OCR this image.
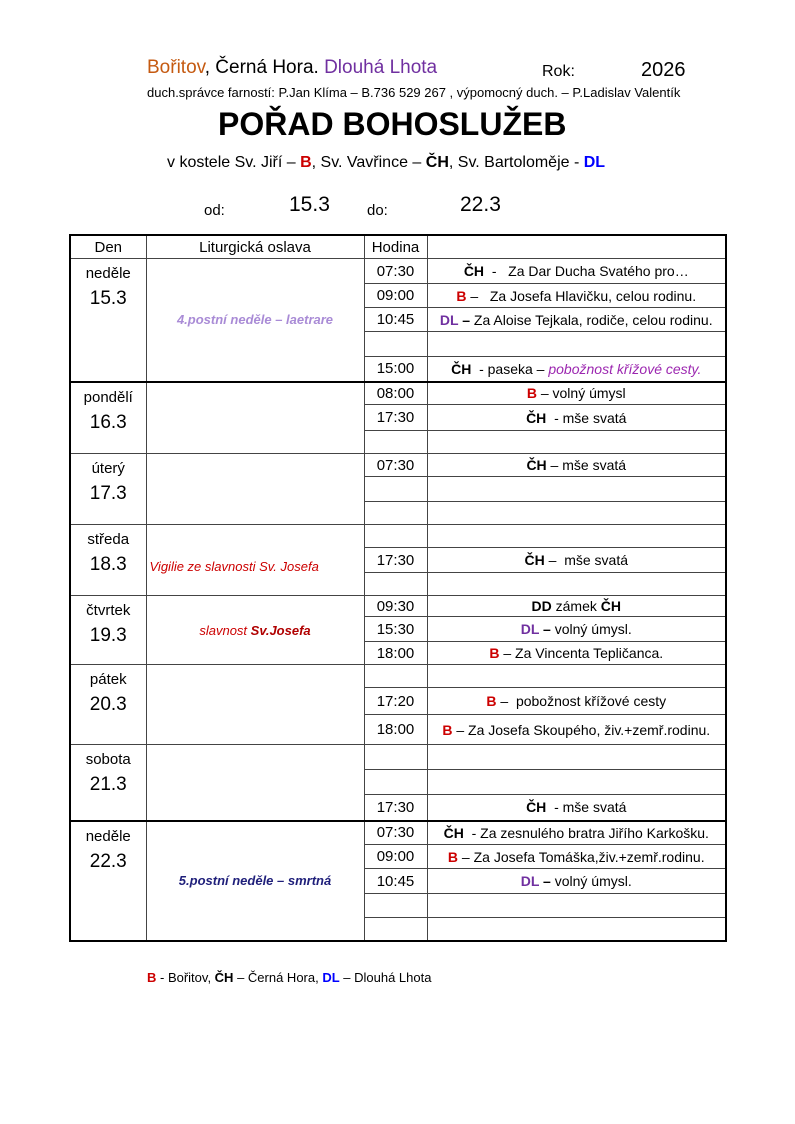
Bořitov, Černá Hora. Dlouhá Lhota	Rok:	2026
duch.správce farností: P.Jan Klíma – B.736 529 267 , výpomocný duch. – P.Ladislav Valentík
POŘAD BOHOSLUŽEB
v kostele Sv. Jiří – B, Sv. Vavřince – ČH, Sv. Bartoloměje - DL
od:	15.3 do:	22.3
Den	Liturgická oslava	Hodina	

neděle
15.3	4.postní neděle – laetrare	07:30	ČH  -   Za Dar Ducha Svatého pro…
		09:00	B –   Za Josefa Hlavičku, celou rodinu.
		10:45	DL – Za Aloise Tejkala, rodiče, celou rodinu.

		15:00	ČH  - paseka – pobožnost křížové cesty.

pondělí
16.3		08:00	B – volný úmysl
		17:30	ČH  - mše svatá

úterý
17.3		07:30	ČH – mše svatá

středa
18.3	Vigilie ze slavnosti Sv. Josefa		
		17:30	ČH –  mše svatá

čtvrtek
19.3	slavnost Sv.Josefa	09:30	DD zámek ČH
		15:30	DL – volný úmysl.
		18:00	B – Za Vincenta Tepličanca.

pátek
20.3			

		17:20	B –  pobožnost křížové cesty
		18:00	B – Za Josefa Skoupého, živ.+zemř.rodinu.

sobota
21.3			

		17:30	ČH  - mše svatá

neděle
22.3	5.postní neděle – smrtná	07:30	ČH  - Za zesnulého bratra Jiřího Karkošku.
		09:00	B – Za Josefa Tomáška,živ.+zemř.rodinu.
		10:45	DL – volný úmysl.

B - Bořitov, ČH – Černá Hora, DL – Dlouhá Lhota
